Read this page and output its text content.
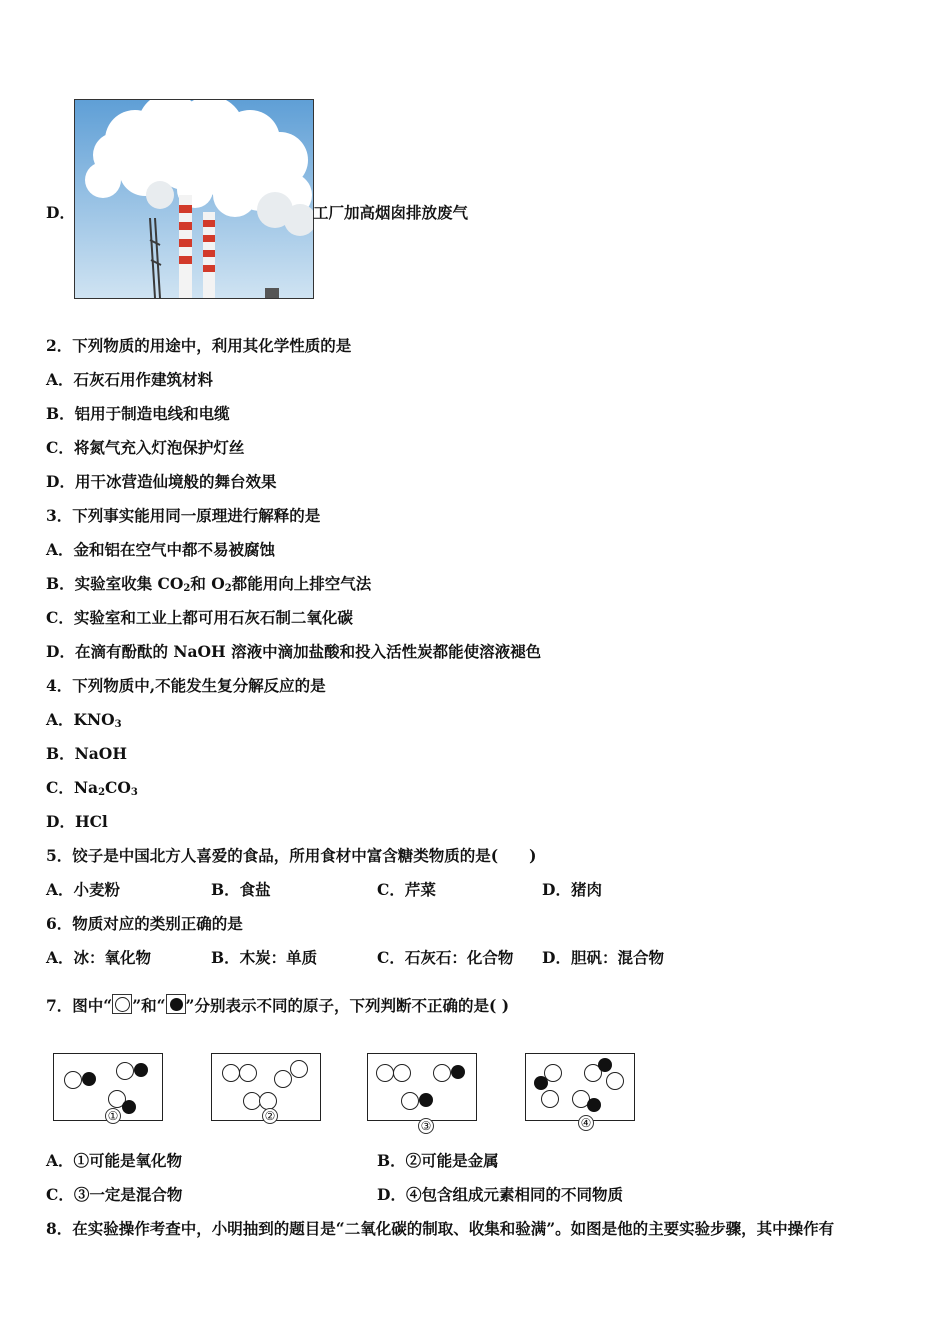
D．	工厂加高烟囱排放废气
2．下列物质的用途中，利用其化学性质的是
A．石灰石用作建筑材料
B．铝用于制造电线和电缆
C．将氮气充入灯泡保护灯丝
D．用干冰营造仙境般的舞台效果
3．下列事实能用同一原理进行解释的是
A．金和铝在空气中都不易被腐蚀
B．实验室收集 $CO_2$和 $O_2$都能用向上排空气法
C．实验室和工业上都可用石灰石制二氧化碳
D．在滴有酚酞的 NaOH 溶液中滴加盐酸和投入活性炭都能使溶液褪色
4．下列物质中,不能发生复分解反应的是
A．$KNO_3$
B．NaOH
C．$Na_2CO_3$
D．HCl
5．饺子是中国北方人喜爱的食品，所用食材中富含糖类物质的是(　　)
A．小麦粉	B．食盐	C．芹菜	D．猪肉
6．物质对应的类别正确的是
A．冰：氧化物	B．木炭：单质	C．石灰石：化合物 D．胆矾：混合物
7．图中“ ”和“ ”分别表示不同的原子，下列判断不正确的是( )
①	②
③	④
A．①可能是氧化物	B．②可能是金属
C．③一定是混合物	D．④包含组成元素相同的不同物质
8．在实验操作考查中，小明抽到的题目是“二氧化碳的制取、收集和验满”。如图是他的主要实验步骤，其中操作有
